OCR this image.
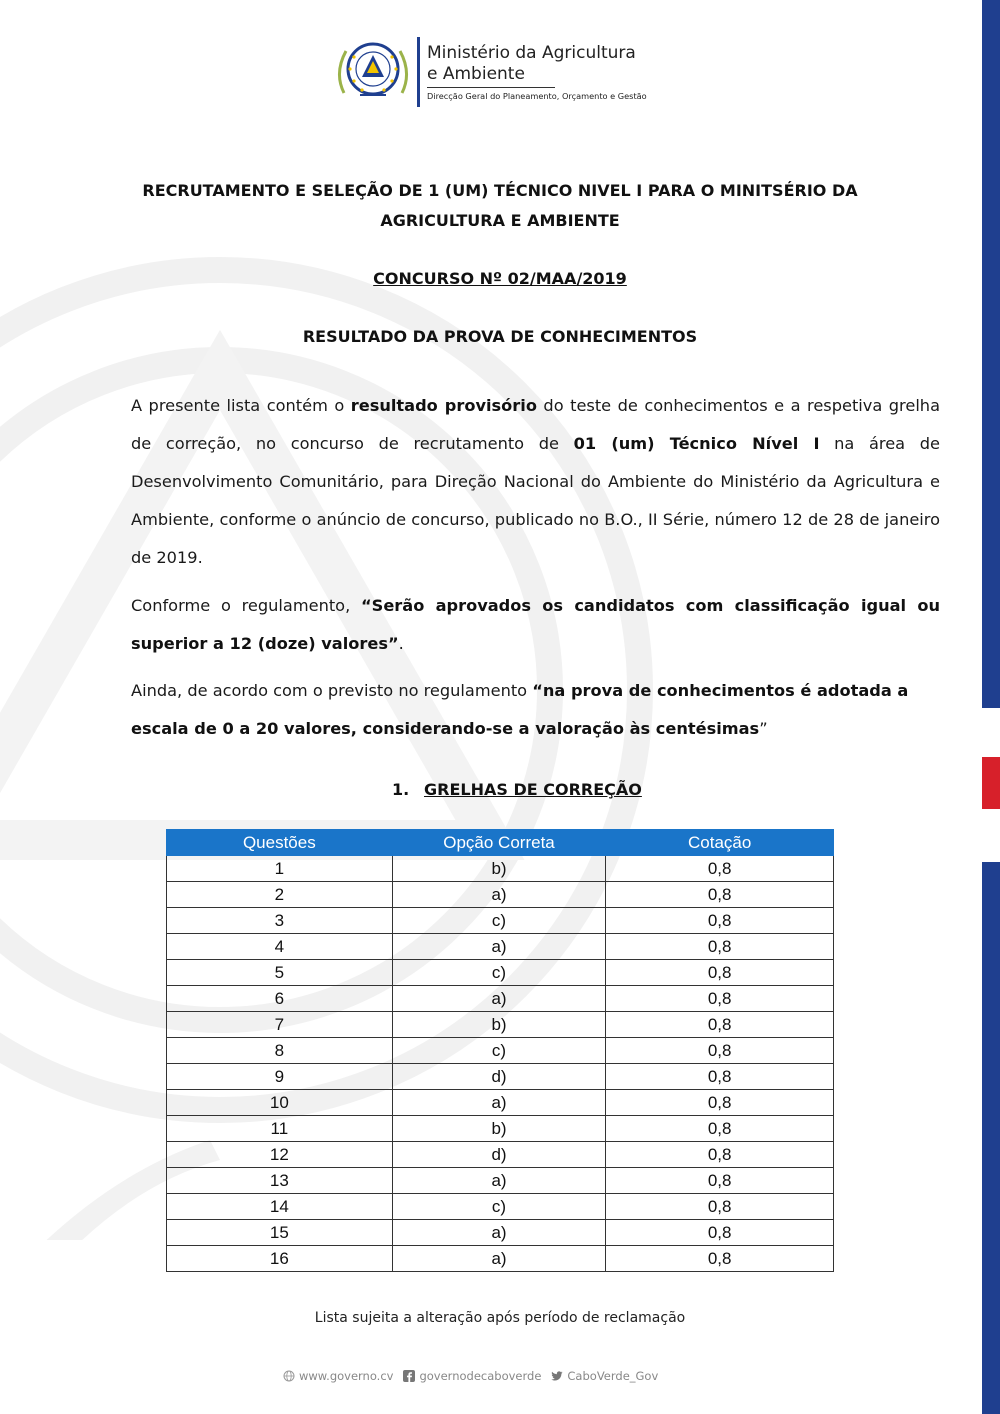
Ministério da Agricultura
e Ambiente
Direcção Geral do Planeamento, Orçamento e Gestão
RECRUTAMENTO E SELEÇÃO DE 1 (UM) TÉCNICO NIVEL I PARA O MINITSÉRIO DA AGRICULTURA E AMBIENTE
CONCURSO Nº 02/MAA/2019
RESULTADO DA PROVA DE CONHECIMENTOS

A presente lista contém o resultado provisório do teste de conhecimentos e a respetiva grelha de correção, no concurso de recrutamento de 01 (um) Técnico Nível I na área de Desenvolvimento Comunitário, para Direção Nacional do Ambiente do Ministério da Agricultura e Ambiente, conforme o anúncio de concurso, publicado no B.O., II Série, número 12 de 28 de janeiro de 2019.

Conforme o regulamento, “Serão aprovados os candidatos com classificação igual ou superior a 12 (doze) valores”.

Ainda, de acordo com o previsto no regulamento “na prova de conhecimentos é adotada a escala de 0 a 20 valores, considerando-se a valoração às centésimas”

1. GRELHAS DE CORREÇÃO
Questões	Opção Correta	Cotação
1	b)	0,8
2	a)	0,8
3	c)	0,8
4	a)	0,8
5	c)	0,8
6	a)	0,8
7	b)	0,8
8	c)	0,8
9	d)	0,8
10	a)	0,8
11	b)	0,8
12	d)	0,8
13	a)	0,8
14	c)	0,8
15	a)	0,8
16	a)	0,8
Lista sujeita a alteração após período de reclamação
www.governo.cv governodecaboverde CaboVerde_Gov
